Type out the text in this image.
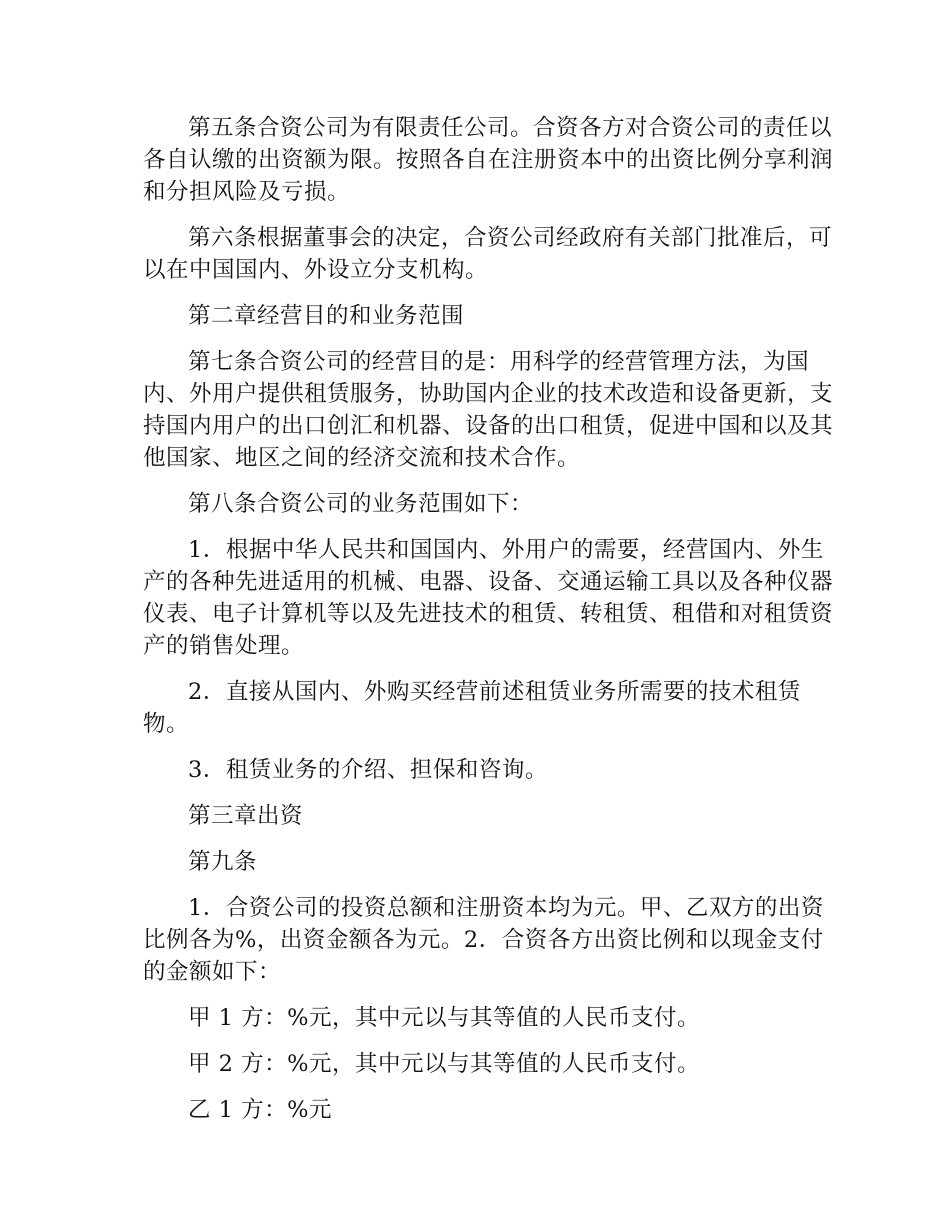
第五条合资公司为有限责任公司。合资各方对合资公司的责任以各自认缴的出资额为限。按照各自在注册资本中的出资比例分享利润和分担风险及亏损。

第六条根据董事会的决定，合资公司经政府有关部门批准后，可以在中国国内、外设立分支机构。

第二章经营目的和业务范围

第七条合资公司的经营目的是：用科学的经营管理方法，为国内、外用户提供租赁服务，协助国内企业的技术改造和设备更新，支持国内用户的出口创汇和机器、设备的出口租赁，促进中国和以及其他国家、地区之间的经济交流和技术合作。

第八条合资公司的业务范围如下：

1．根据中华人民共和国国内、外用户的需要，经营国内、外生产的各种先进适用的机械、电器、设备、交通运输工具以及各种仪器仪表、电子计算机等以及先进技术的租赁、转租赁、租借和对租赁资产的销售处理。

2．直接从国内、外购买经营前述租赁业务所需要的技术租赁物。

3．租赁业务的介绍、担保和咨询。

第三章出资

第九条

1．合资公司的投资总额和注册资本均为元。甲、乙双方的出资比例各为%，出资金额各为元。2．合资各方出资比例和以现金支付的金额如下：

甲 1 方：%元，其中元以与其等值的人民币支付。

甲 2 方：%元，其中元以与其等值的人民币支付。

乙 1 方：%元
